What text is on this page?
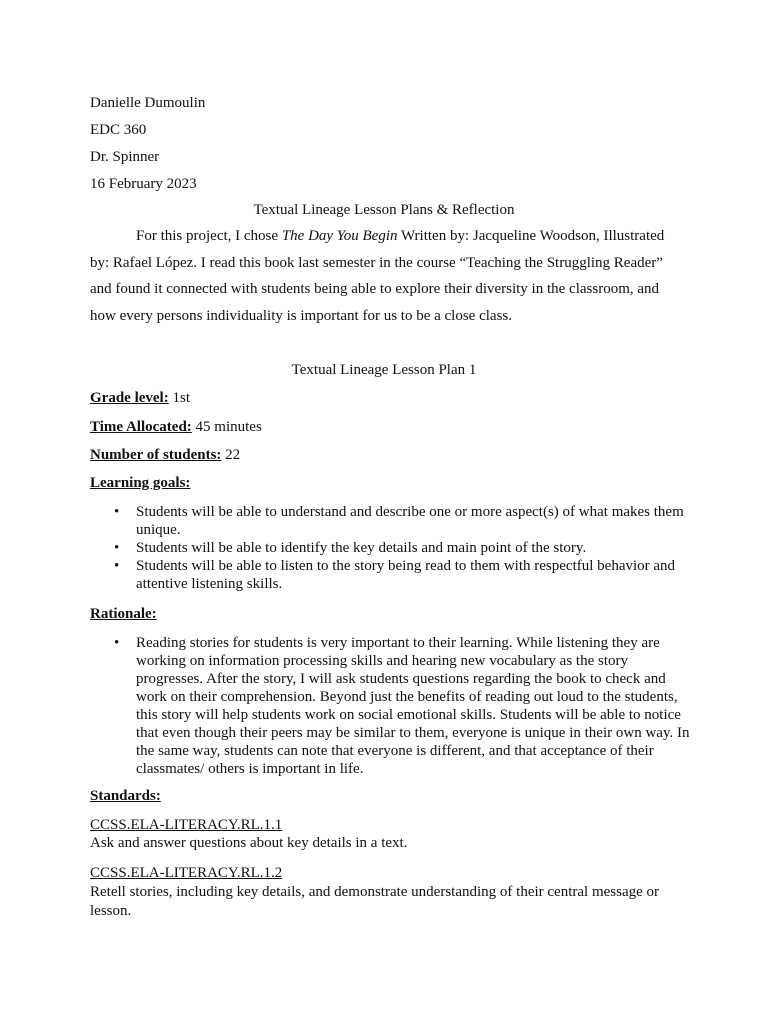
Danielle Dumoulin
EDC 360
Dr. Spinner
16 February 2023
Textual Lineage Lesson Plans & Reflection
For this project, I chose The Day You Begin Written by: Jacqueline Woodson, Illustrated by: Rafael López. I read this book last semester in the course “Teaching the Struggling Reader” and found it connected with students being able to explore their diversity in the classroom, and how every persons individuality is important for us to be a close class.
Textual Lineage Lesson Plan 1
Grade level: 1st
Time Allocated: 45 minutes
Number of students: 22
Learning goals:
• Students will be able to understand and describe one or more aspect(s) of what makes them unique.
• Students will be able to identify the key details and main point of the story.
• Students will be able to listen to the story being read to them with respectful behavior and attentive listening skills.
Rationale:
• Reading stories for students is very important to their learning. While listening they are working on information processing skills and hearing new vocabulary as the story progresses. After the story, I will ask students questions regarding the book to check and work on their comprehension. Beyond just the benefits of reading out loud to the students, this story will help students work on social emotional skills. Students will be able to notice that even though their peers may be similar to them, everyone is unique in their own way. In the same way, students can note that everyone is different, and that acceptance of their classmates/ others is important in life.
Standards:
CCSS.ELA-LITERACY.RL.1.1
Ask and answer questions about key details in a text.
CCSS.ELA-LITERACY.RL.1.2
Retell stories, including key details, and demonstrate understanding of their central message or lesson.
